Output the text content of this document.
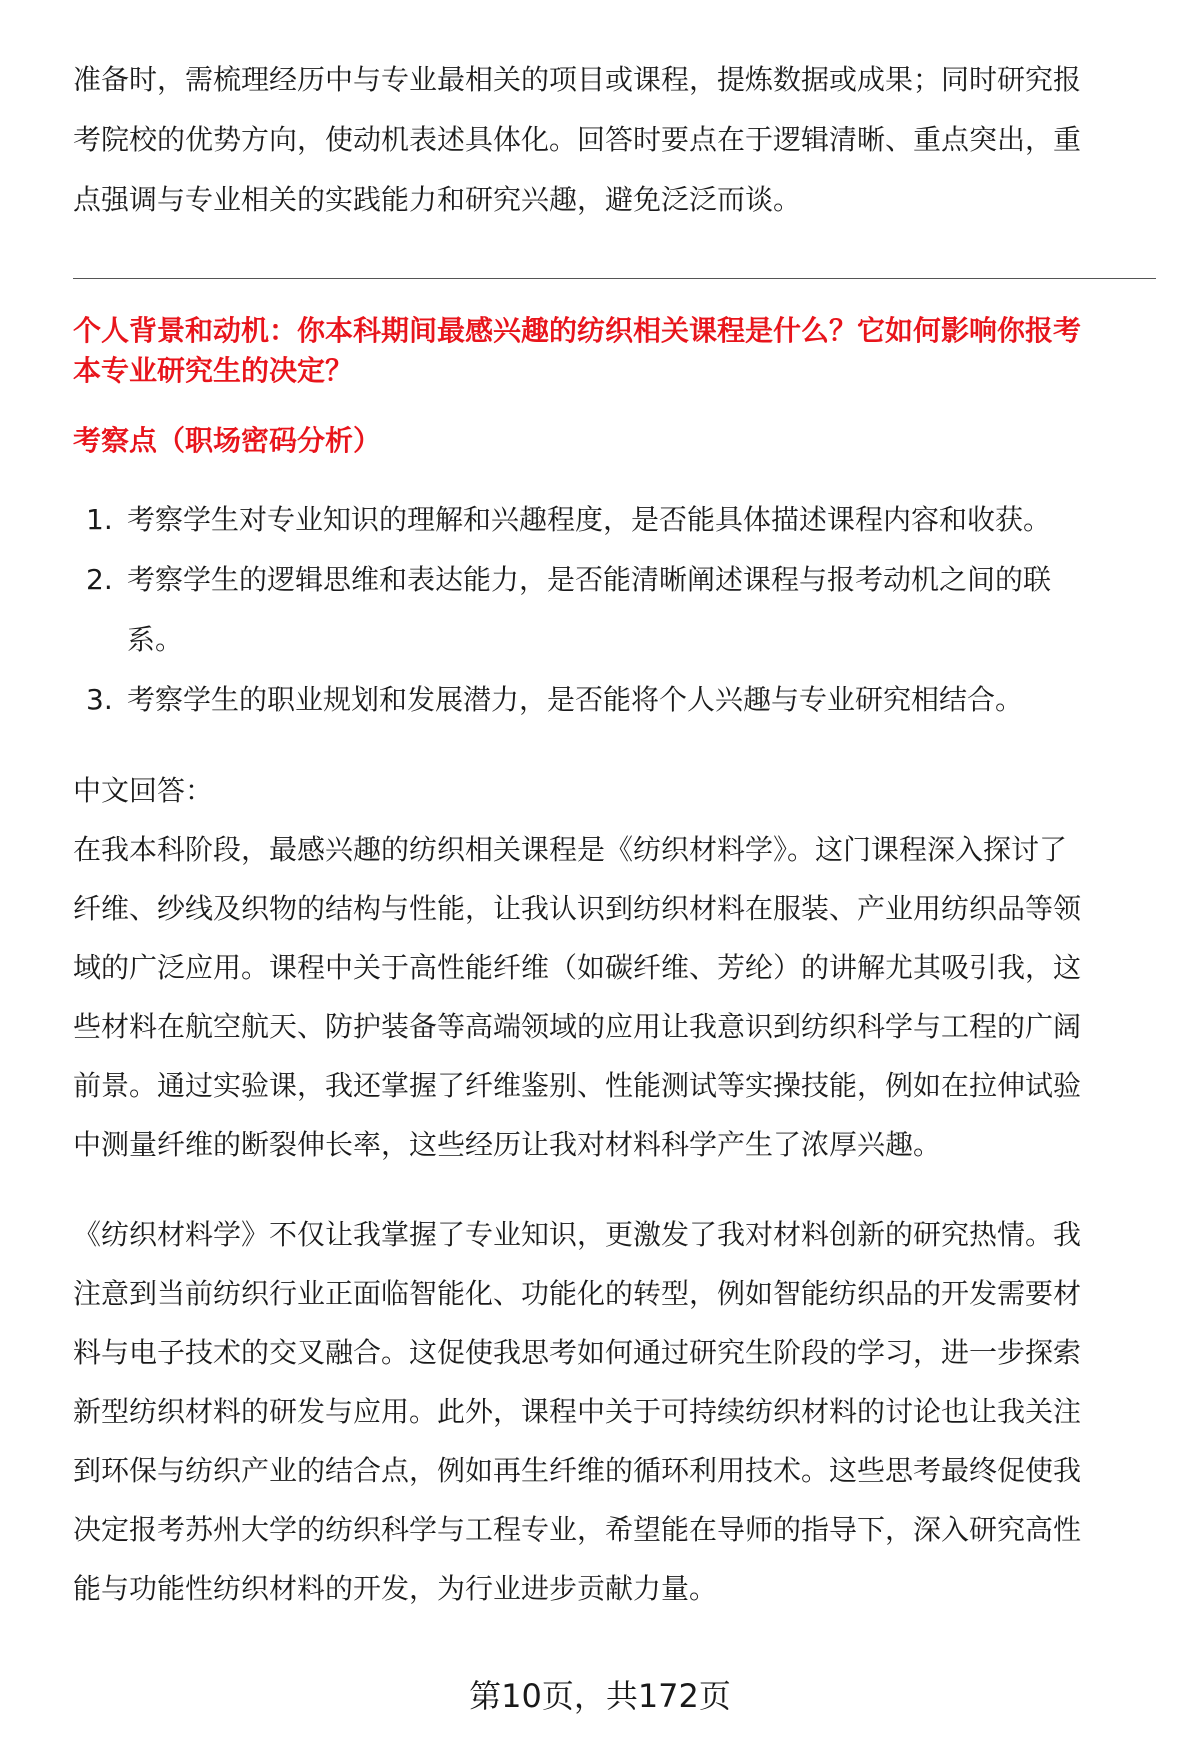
准备时，需梳理经历中与专业最相关的项目或课程，提炼数据或成果；同时研究报
考院校的优势方向，使动机表述具体化。回答时要点在于逻辑清晰、重点突出，重
点强调与专业相关的实践能力和研究兴趣，避免泛泛而谈。
个人背景和动机：你本科期间最感兴趣的纺织相关课程是什么？它如何影响你报考
本专业研究生的决定？
考察点（职场密码分析）
1. 考察学生对专业知识的理解和兴趣程度，是否能具体描述课程内容和收获。
2. 考察学生的逻辑思维和表达能力，是否能清晰阐述课程与报考动机之间的联
系。
3. 考察学生的职业规划和发展潜力，是否能将个人兴趣与专业研究相结合。
中文回答：
在我本科阶段，最感兴趣的纺织相关课程是《纺织材料学》。这门课程深入探讨了
纤维、纱线及织物的结构与性能，让我认识到纺织材料在服装、产业用纺织品等领
域的广泛应用。课程中关于高性能纤维（如碳纤维、芳纶）的讲解尤其吸引我，这
些材料在航空航天、防护装备等高端领域的应用让我意识到纺织科学与工程的广阔
前景。通过实验课，我还掌握了纤维鉴别、性能测试等实操技能，例如在拉伸试验
中测量纤维的断裂伸长率，这些经历让我对材料科学产生了浓厚兴趣。
《纺织材料学》不仅让我掌握了专业知识，更激发了我对材料创新的研究热情。我
注意到当前纺织行业正面临智能化、功能化的转型，例如智能纺织品的开发需要材
料与电子技术的交叉融合。这促使我思考如何通过研究生阶段的学习，进一步探索
新型纺织材料的研发与应用。此外，课程中关于可持续纺织材料的讨论也让我关注
到环保与纺织产业的结合点，例如再生纤维的循环利用技术。这些思考最终促使我
决定报考苏州大学的纺织科学与工程专业，希望能在导师的指导下，深入研究高性
能与功能性纺织材料的开发，为行业进步贡献力量。
第10页，共172页
